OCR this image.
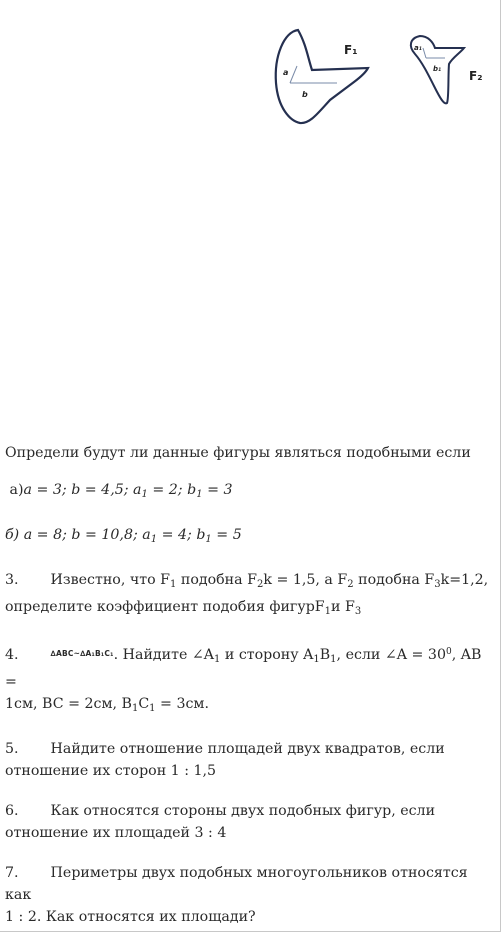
a
b
F₁	a₁
b₁ F₂

Определи будут ли данные фигуры являться подобными если

а)a = 3; b = 4,5; $a_1 = 2$; $b_1 = 3$

б) a = 8; b = 10,8; $a_1 = 4$; $b_1 = 5$

3. Известно, что $F_1$ подобна $F_2k = 1,5$, а $F_2$ подобна $F_3k=1,2$,
определите коэффициент подобия фигурF$_1$и $F_3$

4.	$^{\Delta ABC\sim\Delta A_1B_1C_1}$. Найдите $\angle A_1$ и сторону $A_1B_1$, если ∠A = $30^0$, AB =
1см, BC = 2см, $B_1C_1 = 3см$.

5. Найдите отношение площадей двух квадратов, если
отношение их сторон 1 : 1,5

6. Как относятся стороны двух подобных фигур, если
отношение их площадей 3 : 4

7. Периметры двух подобных многоугольников относятся как
1 : 2. Как относятся их площади?
